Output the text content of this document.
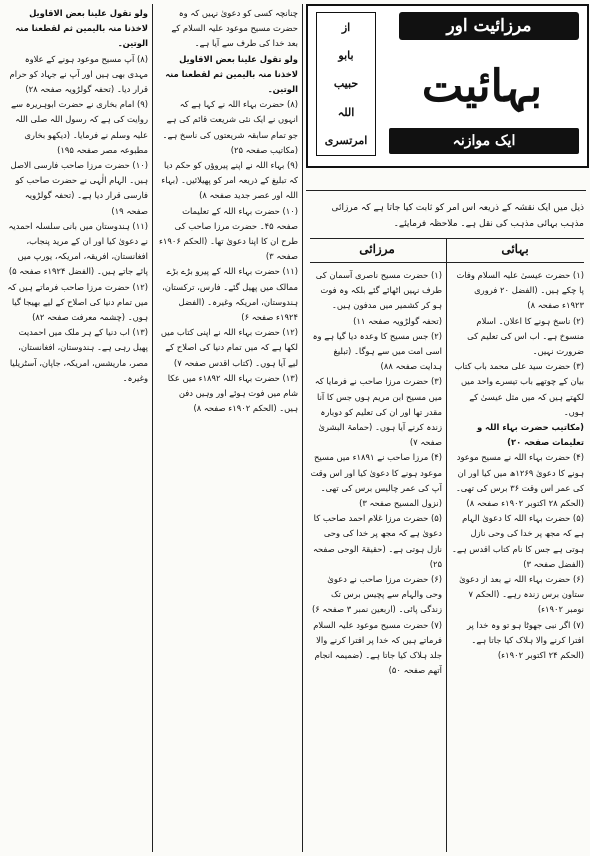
مرزائیت اور
بہائیت
ایک موازنہ
از
بابو
حبیب
اللہ
امرتسری
ذیل میں ایک نقشہ کے ذریعہ اس امر کو ثابت کیا جاتا ہے کہ مرزائی مذہب بہائی مذہب کی نقل ہے۔ ملاحظہ فرمایئے۔
بہائی
مرزائی

(۱) حضرت عیسیٰ علیہ السلام وفات پا چکے ہیں۔ (الفضل ۲۰ فروری ۱۹۲۳ء صفحہ ۸)

(۲) ناسخ ہونے کا اعلان۔ اسلام منسوخ ہے۔ اب اس کی تعلیم کی ضرورت نہیں۔

(۳) حضرت سید علی محمد باب کتاب بیان کے چوتھے باب تیسرے واحد میں لکھتے ہیں کہ میں مثل عیسیٰ کے ہوں۔

(مکاتیب حضرت بہاء اللہ و تعلیمات صفحہ ۲۰)

(۴) حضرت بہاء اللہ نے مسیح موعود ہونے کا دعویٰ ۱۲۶۹ھ میں کیا اور ان کی عمر اس وقت ۳۶ برس کی تھی۔ (الحکم ۲۸ اکتوبر ۱۹۰۲ء صفحہ ۸)

(۵) حضرت بہاء اللہ کا دعویٰ الہام ہے کہ مجھ پر خدا کی وحی نازل ہوتی ہے جس کا نام کتاب اقدس ہے۔ (الفضل صفحہ ۳)

(۶) حضرت بہاء اللہ نے بعد از دعویٰ ستاون برس زندہ رہے۔ (الحکم ۷ نومبر ۱۹۰۲ء)

(۷) اگر نبی جھوٹا ہو تو وہ خدا پر افترا کرنے والا ہلاک کیا جاتا ہے۔ (الحکم ۲۴ اکتوبر ۱۹۰۲ء)

(۱) حضرت مسیح ناصری آسمان کی طرف نہیں اٹھائے گئے بلکہ وہ فوت ہو کر کشمیر میں مدفون ہیں۔ (تحفہ گولڑویہ صفحہ ۱۱)

(۲) جس مسیح کا وعدہ دیا گیا ہے وہ اسی امت میں سے ہوگا۔ (تبلیغ ہدایت صفحہ ۸۸)

(۳) حضرت مرزا صاحب نے فرمایا کہ میں مسیح ابن مریم ہوں جس کا آنا مقدر تھا اور ان کی تعلیم کو دوبارہ زندہ کرنے آیا ہوں۔ (حمامۃ البشریٰ صفحہ ۷)

(۴) مرزا صاحب نے ۱۸۹۱ء میں مسیح موعود ہونے کا دعویٰ کیا اور اس وقت آپ کی عمر چالیس برس کی تھی۔ (نزول المسیح صفحہ ۳)

(۵) حضرت مرزا غلام احمد صاحب کا دعویٰ ہے کہ مجھ پر خدا کی وحی نازل ہوتی ہے۔ (حقیقۃ الوحی صفحہ ۲۵)

(۶) حضرت مرزا صاحب نے دعویٰ وحی والہام سے پچیس برس تک زندگی پائی۔ (اربعین نمبر ۳ صفحہ ۶)

(۷) حضرت مسیح موعود علیہ السلام فرماتے ہیں کہ خدا پر افترا کرنے والا جلد ہلاک کیا جاتا ہے۔ (ضمیمہ انجام آتھم صفحہ ۵۰)

چنانچہ کسی کو دعویٰ نہیں کہ وہ حضرت مسیح موعود علیہ السلام کے بعد خدا کی طرف سے آیا ہے۔

ولو تقول علینا بعض الاقاویل لاخذنا منہ بالیمین ثم لقطعنا منہ الوتین۔

(۸) حضرت بہاء اللہ نے کہا ہے کہ انہوں نے ایک نئی شریعت قائم کی ہے جو تمام سابقہ شریعتوں کی ناسخ ہے۔ (مکاتیب صفحہ ۲۵)

(۹) بہاء اللہ نے اپنے پیروؤں کو حکم دیا کہ تبلیغ کے ذریعہ امر کو پھیلائیں۔ (بہاء اللہ اور عصر جدید صفحہ ۸)

(۱۰) حضرت بہاء اللہ کے تعلیمات صفحہ ۴۵۔ حضرت مرزا صاحب کی طرح ان کا اپنا دعویٰ تھا۔ (الحکم ۱۹۰۶ء صفحہ ۳)

(۱۱) حضرت بہاء اللہ کے پیرو بڑے بڑے ممالک میں پھیل گئے۔ فارس، ترکستان، ہندوستان، امریکہ وغیرہ۔ (الفضل ۱۹۲۴ء صفحہ ۶)

(۱۲) حضرت بہاء اللہ نے اپنی کتاب میں لکھا ہے کہ میں تمام دنیا کی اصلاح کے لیے آیا ہوں۔ (کتاب اقدس صفحہ ۷)

(۱۳) حضرت بہاء اللہ ۱۸۹۲ء میں عکا شام میں فوت ہوئے اور وہیں دفن ہیں۔ (الحکم ۱۹۰۲ء صفحہ ۸)

ولو تقول علینا بعض الاقاویل لاخذنا منہ بالیمین ثم لقطعنا منہ الوتین۔

(۸) آپ مسیح موعود ہونے کے علاوہ مہدی بھی ہیں اور آپ نے جہاد کو حرام قرار دیا۔ (تحفہ گولڑویہ صفحہ ۲۸)

(۹) امام بخاری نے حضرت ابوہریرہ سے روایت کی ہے کہ رسول اللہ صلی اللہ علیہ وسلم نے فرمایا۔ (دیکھو بخاری مطبوعہ مصر صفحہ ۱۹۵)

(۱۰) حضرت مرزا صاحب فارسی الاصل ہیں۔ الہام الٰہی نے حضرت صاحب کو فارسی قرار دیا ہے۔ (تحفہ گولڑویہ صفحہ ۱۹)

(۱۱) ہندوستان میں بانی سلسلہ احمدیہ نے دعویٰ کیا اور ان کے مرید پنجاب، افغانستان، افریقہ، امریکہ، یورپ میں پائے جاتے ہیں۔ (الفضل ۱۹۲۴ء صفحہ ۵)

(۱۲) حضرت مرزا صاحب فرماتے ہیں کہ میں تمام دنیا کی اصلاح کے لیے بھیجا گیا ہوں۔ (چشمہ معرفت صفحہ ۸۲)

(۱۳) اب دنیا کے ہر ملک میں احمدیت پھیل رہی ہے۔ ہندوستان، افغانستان، مصر، ماریشس، امریکہ، جاپان، آسٹریلیا وغیرہ۔
